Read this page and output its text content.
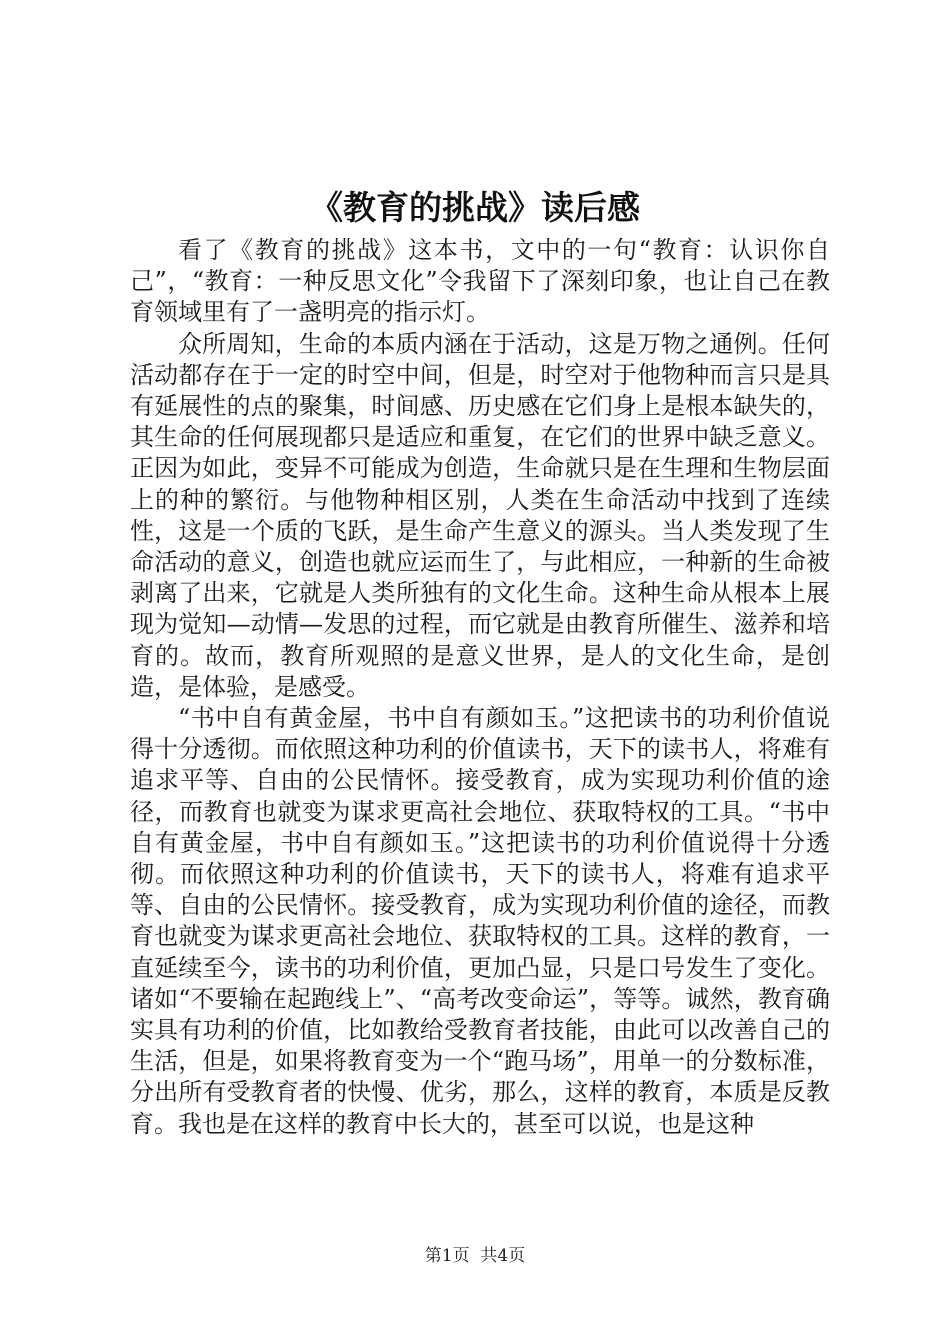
《教育的挑战》读后感

看了《教育的挑战》这本书，文中的一句“教育：认识你自己”，“教育：一种反思文化”令我留下了深刻印象，也让自己在教育领域里有了一盏明亮的指示灯。

众所周知，生命的本质内涵在于活动，这是万物之通例。任何活动都存在于一定的时空中间，但是，时空对于他物种而言只是具有延展性的点的聚集，时间感、历史感在它们身上是根本缺失的，其生命的任何展现都只是适应和重复，在它们的世界中缺乏意义。正因为如此，变异不可能成为创造，生命就只是在生理和生物层面上的种的繁衍。与他物种相区别，人类在生命活动中找到了连续性，这是一个质的飞跃，是生命产生意义的源头。当人类发现了生命活动的意义，创造也就应运而生了，与此相应，一种新的生命被剥离了出来，它就是人类所独有的文化生命。这种生命从根本上展现为觉知—动情—发思的过程，而它就是由教育所催生、滋养和培育的。故而，教育所观照的是意义世界，是人的文化生命，是创造，是体验，是感受。

“书中自有黄金屋，书中自有颜如玉。”这把读书的功利价值说得十分透彻。而依照这种功利的价值读书，天下的读书人，将难有追求平等、自由的公民情怀。接受教育，成为实现功利价值的途径，而教育也就变为谋求更高社会地位、获取特权的工具。“书中自有黄金屋，书中自有颜如玉。”这把读书的功利价值说得十分透彻。而依照这种功利的价值读书，天下的读书人，将难有追求平等、自由的公民情怀。接受教育，成为实现功利价值的途径，而教育也就变为谋求更高社会地位、获取特权的工具。这样的教育，一直延续至今，读书的功利价值，更加凸显，只是口号发生了变化。诸如“不要输在起跑线上”、“高考改变命运”，等等。诚然，教育确实具有功利的价值，比如教给受教育者技能，由此可以改善自己的生活，但是，如果将教育变为一个“跑马场”，用单一的分数标准，分出所有受教育者的快慢、优劣，那么，这样的教育，本质是反教育。我也是在这样的教育中长大的，甚至可以说，也是这种

第1页  共4页
